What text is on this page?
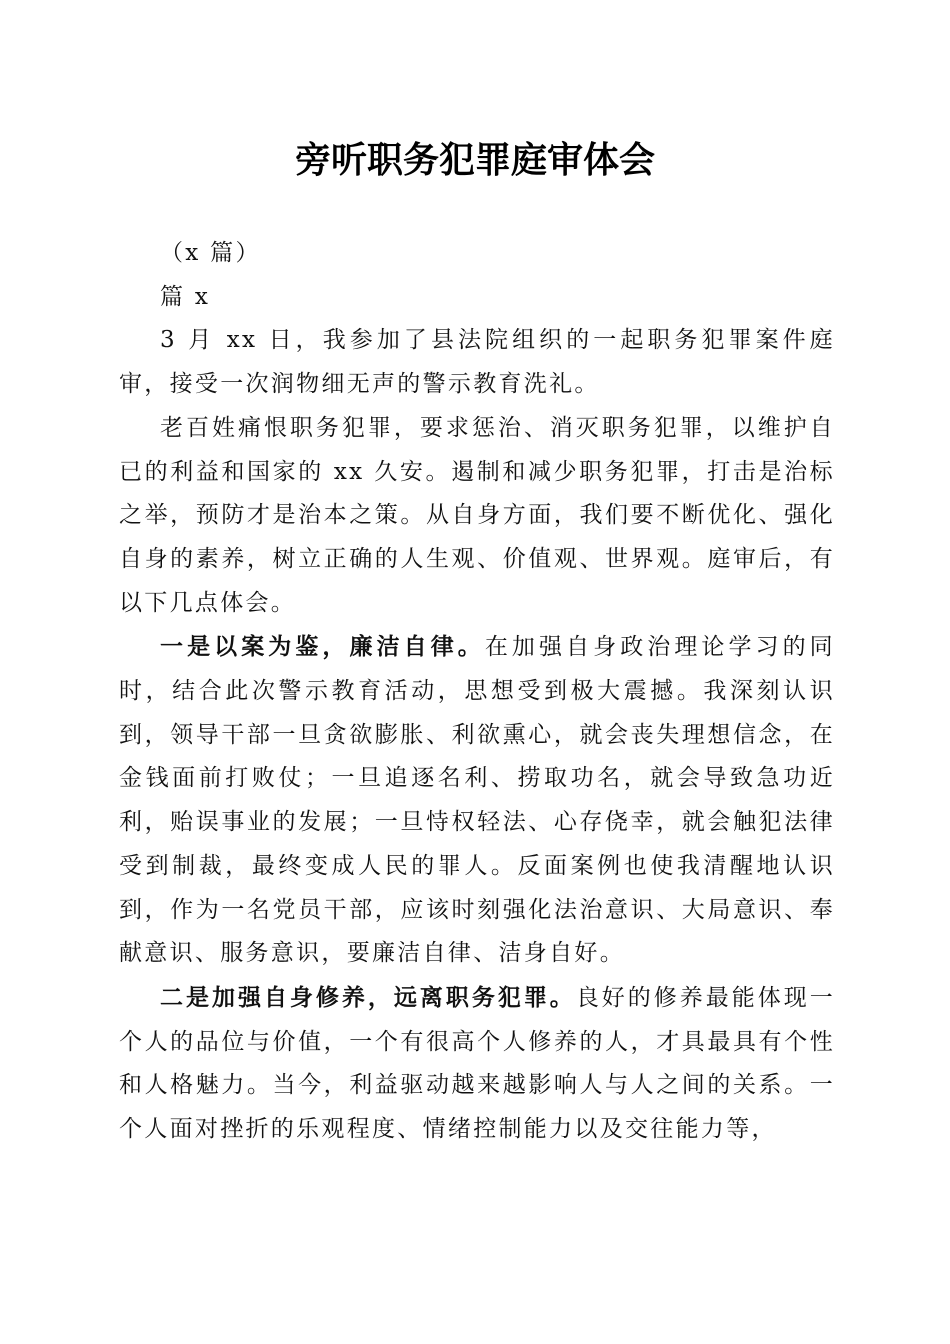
旁听职务犯罪庭审体会

（x 篇）

篇 x

3 月 xx 日，我参加了县法院组织的一起职务犯罪案件庭审，接受一次润物细无声的警示教育洗礼。

老百姓痛恨职务犯罪，要求惩治、消灭职务犯罪，以维护自已的利益和国家的 xx 久安。遏制和减少职务犯罪，打击是治标之举，预防才是治本之策。从自身方面，我们要不断优化、强化自身的素养，树立正确的人生观、价值观、世界观。庭审后，有以下几点体会。

一是以案为鉴，廉洁自律。在加强自身政治理论学习的同时，结合此次警示教育活动，思想受到极大震撼。我深刻认识到，领导干部一旦贪欲膨胀、利欲熏心，就会丧失理想信念，在金钱面前打败仗；一旦追逐名利、捞取功名，就会导致急功近利，贻误事业的发展；一旦恃权轻法、心存侥幸，就会触犯法律受到制裁，最终变成人民的罪人。反面案例也使我清醒地认识到，作为一名党员干部，应该时刻强化法治意识、大局意识、奉献意识、服务意识，要廉洁自律、洁身自好。

二是加强自身修养，远离职务犯罪。良好的修养最能体现一个人的品位与价值，一个有很高个人修养的人，才具最具有个性和人格魅力。当今，利益驱动越来越影响人与人之间的关系。一个人面对挫折的乐观程度、情绪控制能力以及交往能力等，
